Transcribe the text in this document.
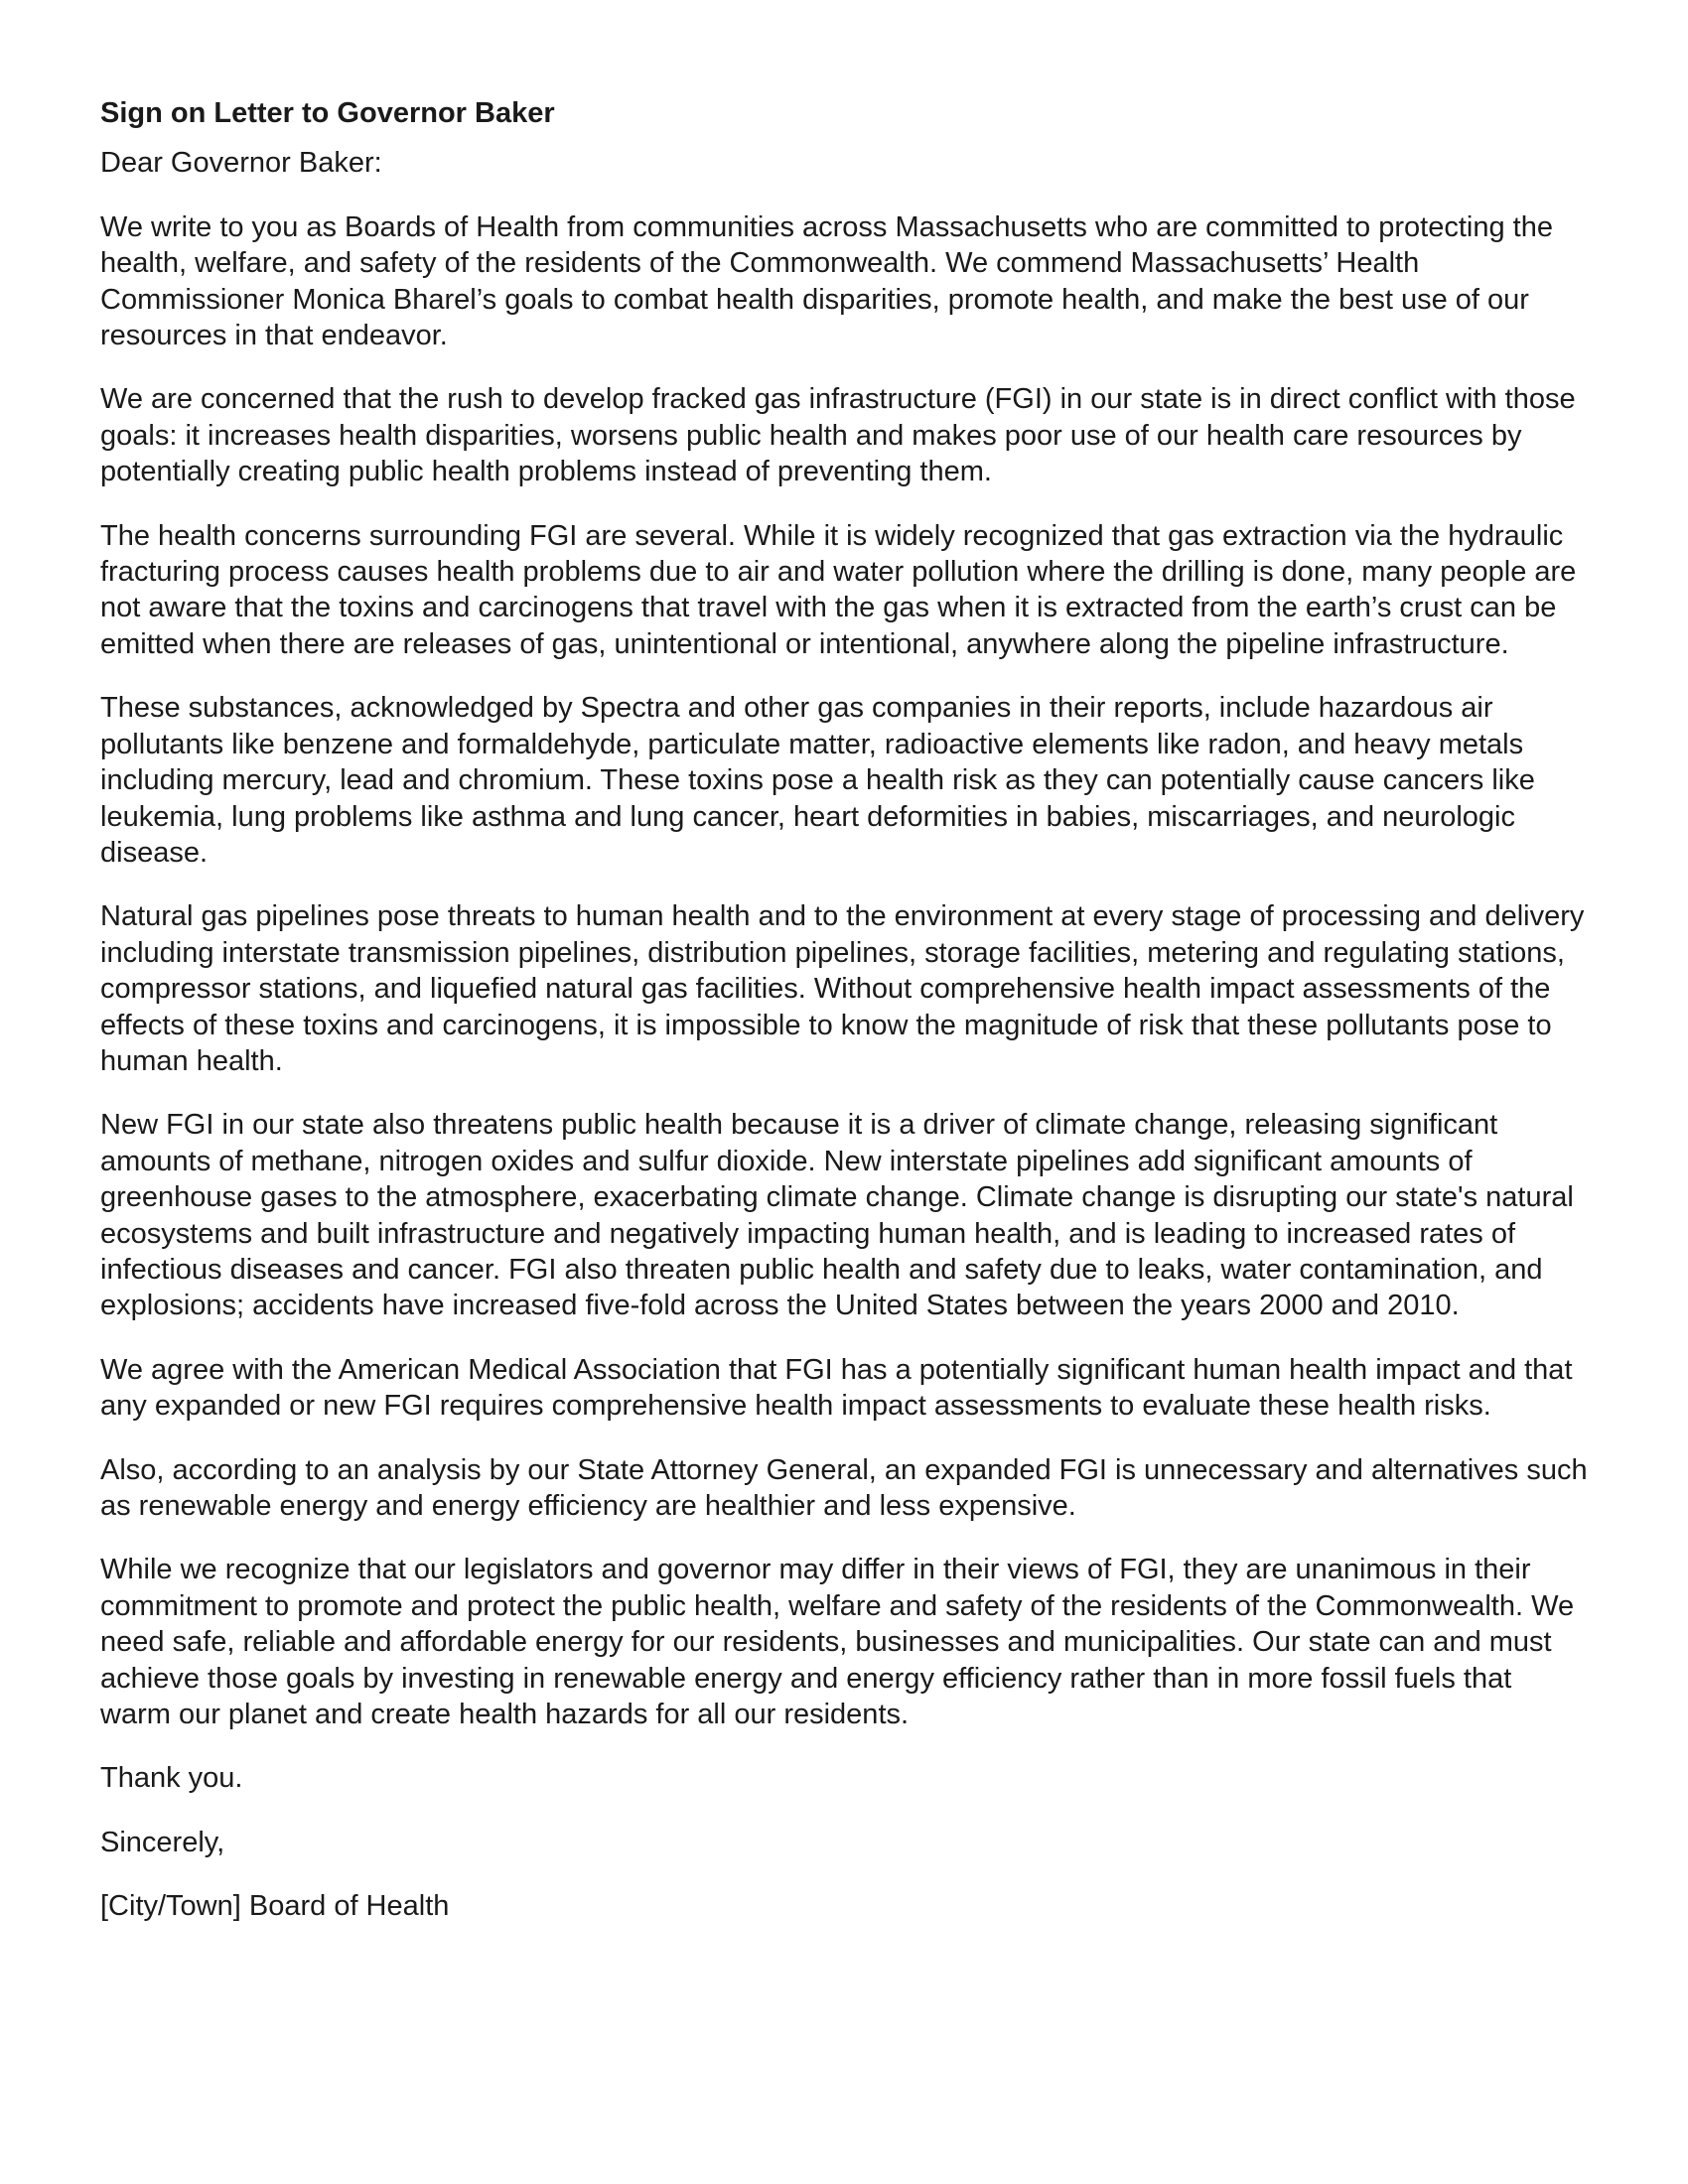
Sign on Letter to Governor Baker

Dear Governor Baker:

We write to you as Boards of Health from communities across Massachusetts who are committed to protecting the health, welfare, and safety of the residents of the Commonwealth. We commend Massachusetts’ Health Commissioner Monica Bharel’s goals to combat health disparities, promote health, and make the best use of our resources in that endeavor.

We are concerned that the rush to develop fracked gas infrastructure (FGI) in our state is in direct conflict with those goals: it increases health disparities, worsens public health and makes poor use of our health care resources by potentially creating public health problems instead of preventing them.

The health concerns surrounding FGI are several. While it is widely recognized that gas extraction via the hydraulic fracturing process causes health problems due to air and water pollution where the drilling is done, many people are not aware that the toxins and carcinogens that travel with the gas when it is extracted from the earth’s crust can be emitted when there are releases of gas, unintentional or intentional, anywhere along the pipeline infrastructure.

These substances, acknowledged by Spectra and other gas companies in their reports, include hazardous air pollutants like benzene and formaldehyde, particulate matter, radioactive elements like radon, and heavy metals including mercury, lead and chromium. These toxins pose a health risk as they can potentially cause cancers like leukemia, lung problems like asthma and lung cancer, heart deformities in babies, miscarriages, and neurologic disease.

Natural gas pipelines pose threats to human health and to the environment at every stage of processing and delivery including interstate transmission pipelines, distribution pipelines, storage facilities, metering and regulating stations, compressor stations, and liquefied natural gas facilities. Without comprehensive health impact assessments of the effects of these toxins and carcinogens, it is impossible to know the magnitude of risk that these pollutants pose to human health.

New FGI in our state also threatens public health because it is a driver of climate change, releasing significant amounts of methane, nitrogen oxides and sulfur dioxide. New interstate pipelines add significant amounts of greenhouse gases to the atmosphere, exacerbating climate change. Climate change is disrupting our state's natural ecosystems and built infrastructure and negatively impacting human health, and is leading to increased rates of infectious diseases and cancer. FGI also threaten public health and safety due to leaks, water contamination, and explosions; accidents have increased five-fold across the United States between the years 2000 and 2010.

We agree with the American Medical Association that FGI has a potentially significant human health impact and that any expanded or new FGI requires comprehensive health impact assessments to evaluate these health risks.

Also, according to an analysis by our State Attorney General, an expanded FGI is unnecessary and alternatives such as renewable energy and energy efficiency are healthier and less expensive.

While we recognize that our legislators and governor may differ in their views of FGI, they are unanimous in their commitment to promote and protect the public health, welfare and safety of the residents of the Commonwealth. We need safe, reliable and affordable energy for our residents, businesses and municipalities. Our state can and must achieve those goals by investing in renewable energy and energy efficiency rather than in more fossil fuels that warm our planet and create health hazards for all our residents.

Thank you.

Sincerely,

[City/Town] Board of Health
